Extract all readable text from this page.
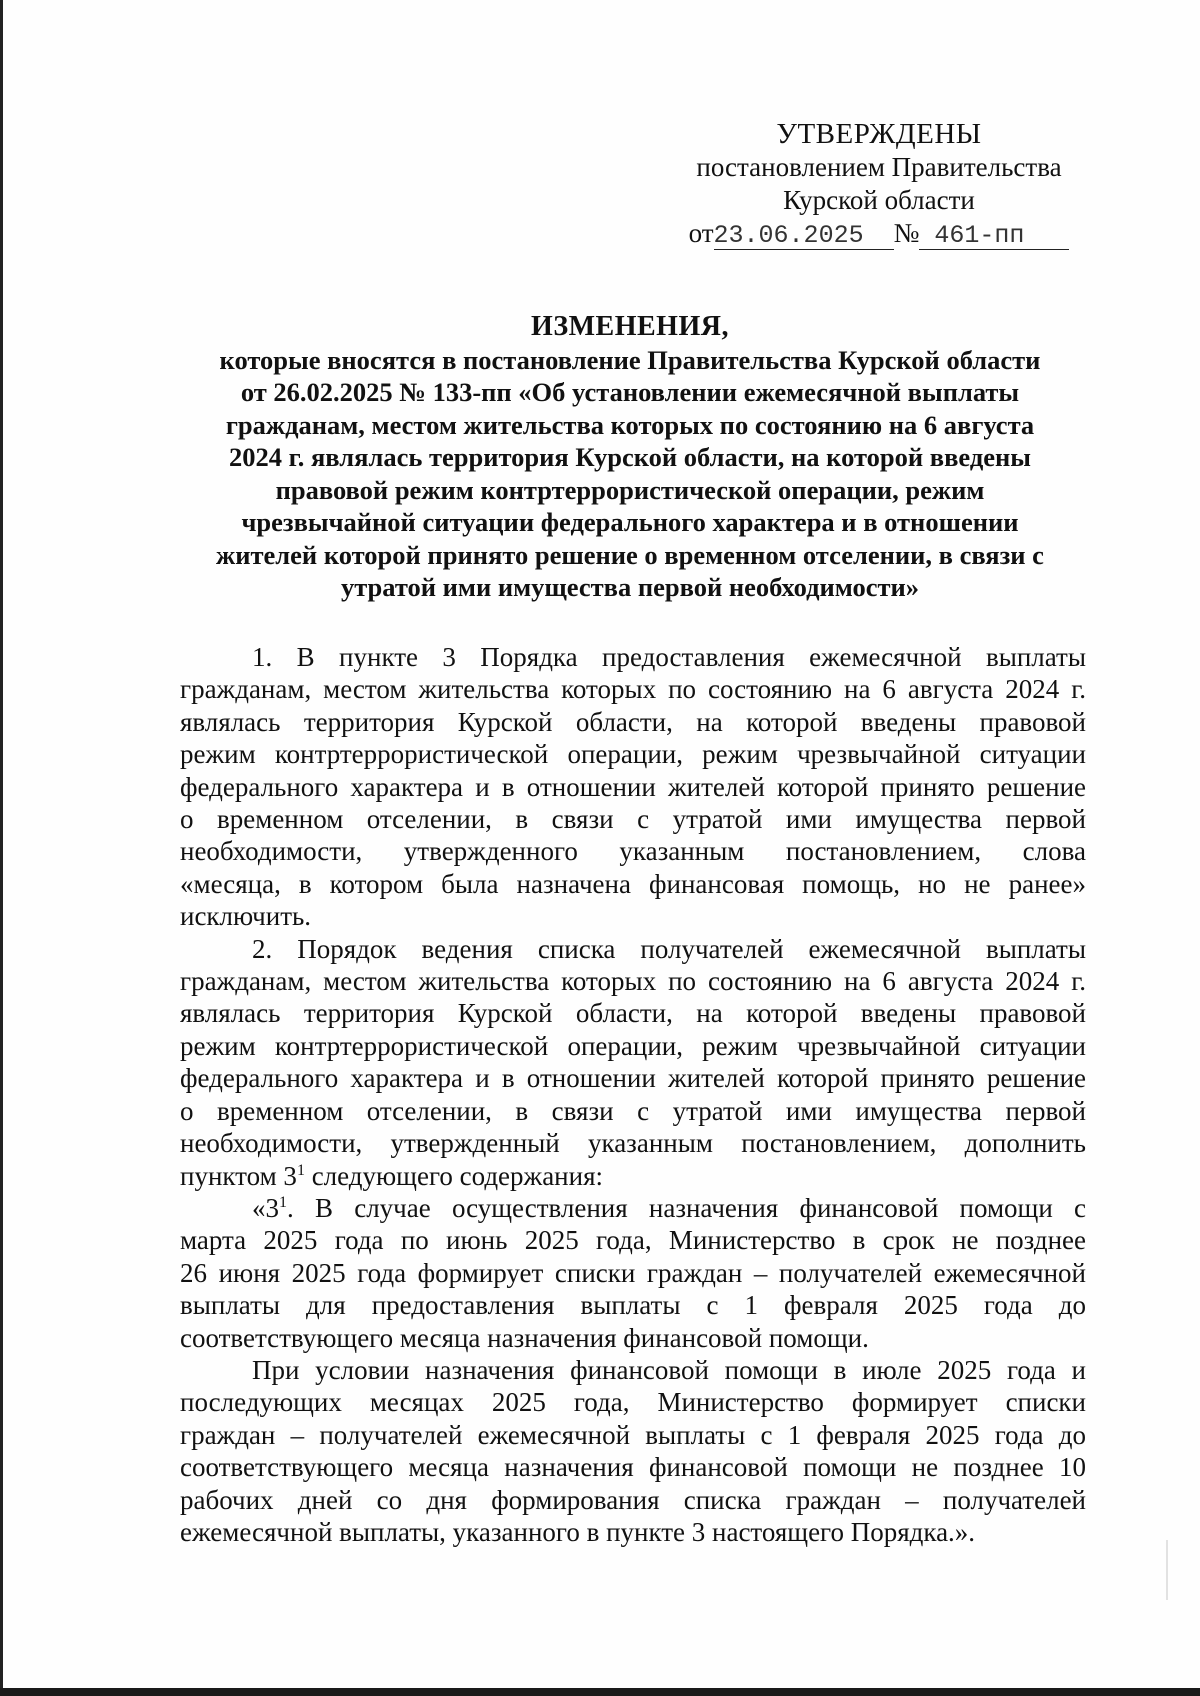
УТВЕРЖДЕНЫ
постановлением Правительства
Курской области
от23.06.2025 № 461-пп
ИЗМЕНЕНИЯ,
которые вносятся в постановление Правительства Курской области
от 26.02.2025 № 133-пп «Об установлении ежемесячной выплаты
гражданам, местом жительства которых по состоянию на 6 августа
2024 г. являлась территория Курской области, на которой введены
правовой режим контртеррористической операции, режим
чрезвычайной ситуации федерального характера и в отношении
жителей которой принято решение о временном отселении, в связи с
утратой ими имущества первой необходимости»
1. В пункте 3 Порядка предоставления ежемесячной выплаты
гражданам, местом жительства которых по состоянию на 6 августа 2024 г.
являлась территория Курской области, на которой введены правовой
режим контртеррористической операции, режим чрезвычайной ситуации
федерального характера и в отношении жителей которой принято решение
о временном отселении, в связи с утратой ими имущества первой
необходимости, утвержденного указанным постановлением, слова
«месяца, в котором была назначена финансовая помощь, но не ранее»
исключить.
2. Порядок ведения списка получателей ежемесячной выплаты
гражданам, местом жительства которых по состоянию на 6 августа 2024 г.
являлась территория Курской области, на которой введены правовой
режим контртеррористической операции, режим чрезвычайной ситуации
федерального характера и в отношении жителей которой принято решение
о временном отселении, в связи с утратой ими имущества первой
необходимости, утвержденный указанным постановлением, дополнить
пунктом $3^1$ следующего содержания:
«$3^1$. В случае осуществления назначения финансовой помощи с
марта 2025 года по июнь 2025 года, Министерство в срок не позднее
26 июня 2025 года формирует списки граждан – получателей ежемесячной
выплаты для предоставления выплаты с 1 февраля 2025 года до
соответствующего месяца назначения финансовой помощи.
При условии назначения финансовой помощи в июле 2025 года и
последующих месяцах 2025 года, Министерство формирует списки
граждан – получателей ежемесячной выплаты с 1 февраля 2025 года до
соответствующего месяца назначения финансовой помощи не позднее 10
рабочих дней со дня формирования списка граждан – получателей
ежемесячной выплаты, указанного в пункте 3 настоящего Порядка.».
